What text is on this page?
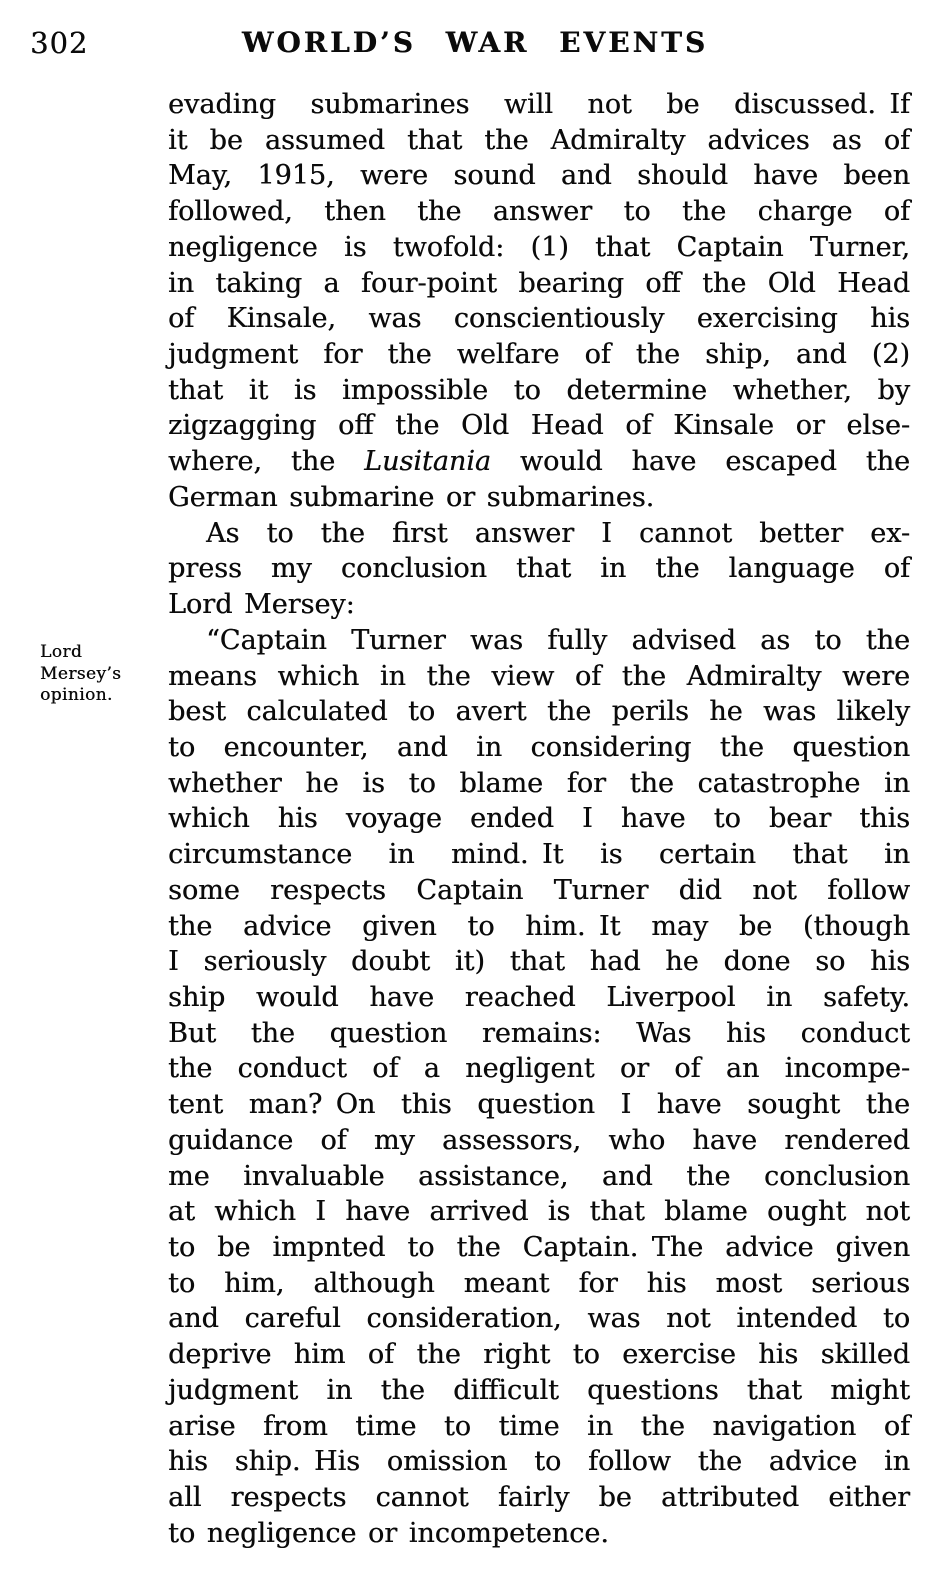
302	WORLD’S WAR EVENTS
Lord
Mersey’s
opinion.
evading submarines will not be discussed. If
it be assumed that the Admiralty advices as of
May, 1915, were sound and should have been
followed, then the answer to the charge of
negligence is twofold: (1) that Captain Turner,
in taking a four-point bearing off the Old Head
of Kinsale, was conscientiously exercising his
judgment for the welfare of the ship, and (2)
that it is impossible to determine whether, by
zigzagging off the Old Head of Kinsale or else-
where, the Lusitania would have escaped the
German submarine or submarines.
As to the first answer I cannot better ex-
press my conclusion that in the language of
Lord Mersey:
“Captain Turner was fully advised as to the
means which in the view of the Admiralty were
best calculated to avert the perils he was likely
to encounter, and in considering the question
whether he is to blame for the catastrophe in
which his voyage ended I have to bear this
circumstance in mind. It is certain that in
some respects Captain Turner did not follow
the advice given to him. It may be (though
I seriously doubt it) that had he done so his
ship would have reached Liverpool in safety.
But the question remains: Was his conduct
the conduct of a negligent or of an incompe-
tent man? On this question I have sought the
guidance of my assessors, who have rendered
me invaluable assistance, and the conclusion
at which I have arrived is that blame ought not
to be impnted to the Captain. The advice given
to him, although meant for his most serious
and careful consideration, was not intended to
deprive him of the right to exercise his skilled
judgment in the difficult questions that might
arise from time to time in the navigation of
his ship. His omission to follow the advice in
all respects cannot fairly be attributed either
to negligence or incompetence.
